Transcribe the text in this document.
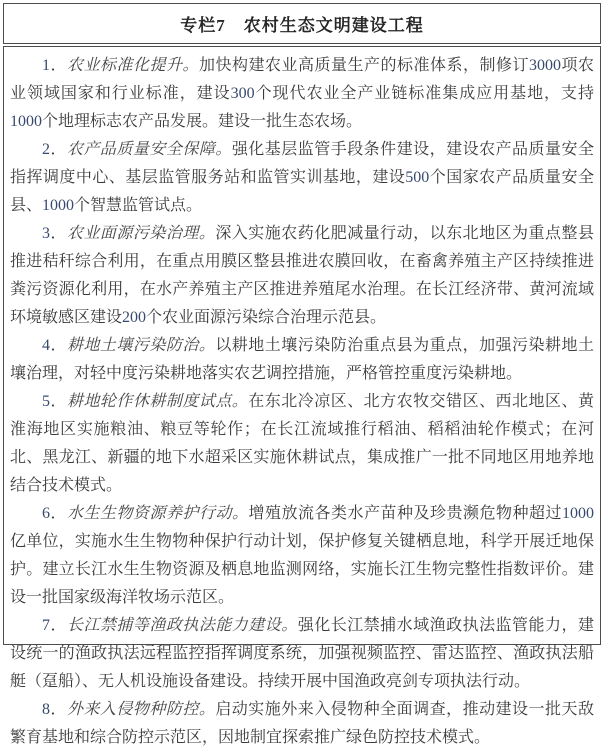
专栏7　农村生态文明建设工程

1．农业标准化提升。加快构建农业高质量生产的标准体系，制修订3000项农业领域国家和行业标准，建设300个现代农业全产业链标准集成应用基地，支持1000个地理标志农产品发展。建设一批生态农场。

2．农产品质量安全保障。强化基层监管手段条件建设，建设农产品质量安全指挥调度中心、基层监管服务站和监管实训基地，建设500个国家农产品质量安全县、1000个智慧监管试点。

3．农业面源污染治理。深入实施农药化肥减量行动，以东北地区为重点整县推进秸秆综合利用，在重点用膜区整县推进农膜回收，在畜禽养殖主产区持续推进粪污资源化利用，在水产养殖主产区推进养殖尾水治理。在长江经济带、黄河流域环境敏感区建设200个农业面源污染综合治理示范县。

4．耕地土壤污染防治。以耕地土壤污染防治重点县为重点，加强污染耕地土壤治理，对轻中度污染耕地落实农艺调控措施，严格管控重度污染耕地。

5．耕地轮作休耕制度试点。在东北冷凉区、北方农牧交错区、西北地区、黄淮海地区实施粮油、粮豆等轮作；在长江流域推行稻油、稻稻油轮作模式；在河北、黑龙江、新疆的地下水超采区实施休耕试点，集成推广一批不同地区用地养地结合技术模式。

6．水生生物资源养护行动。增殖放流各类水产苗种及珍贵濒危物种超过1000亿单位，实施水生生物物种保护行动计划，保护修复关键栖息地，科学开展迁地保护。建立长江水生生物资源及栖息地监测网络，实施长江生物完整性指数评价。建设一批国家级海洋牧场示范区。

7．长江禁捕等渔政执法能力建设。强化长江禁捕水域渔政执法监管能力，建设统一的渔政执法远程监控指挥调度系统，加强视频监控、雷达监控、渔政执法船艇（趸船）、无人机设施设备建设。持续开展中国渔政亮剑专项执法行动。

8．外来入侵物种防控。启动实施外来入侵物种全面调查，推动建设一批天敌繁育基地和综合防控示范区，因地制宜探索推广绿色防控技术模式。
